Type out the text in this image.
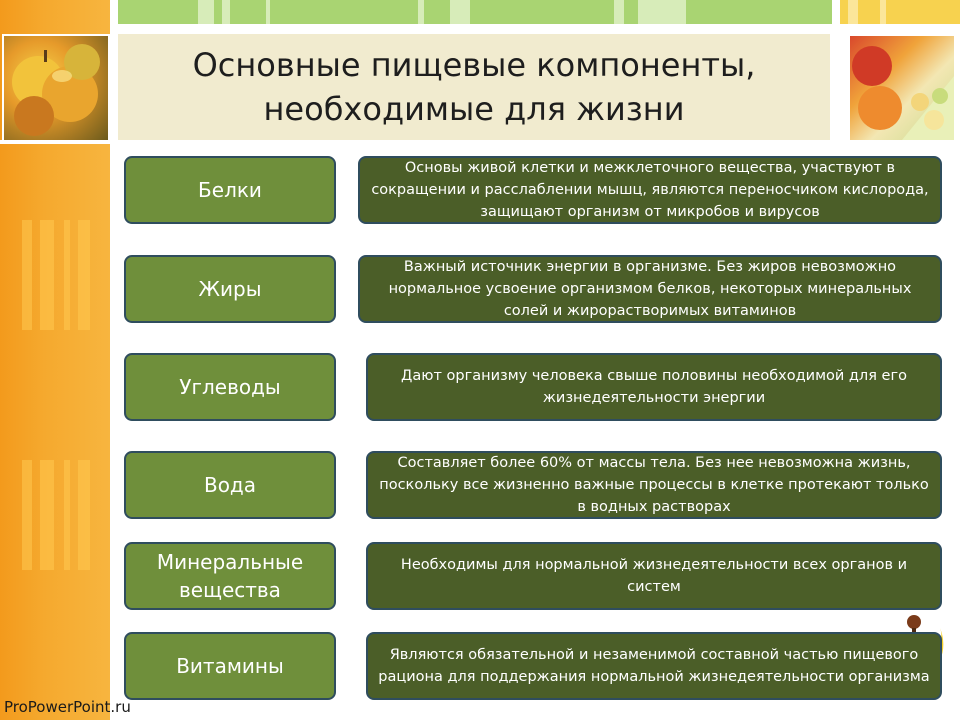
Основные пищевые компоненты,
необходимые для жизни
Белки
Основы живой клетки и межклеточного вещества, участвуют в сокращении и расслаблении мышц, являются переносчиком кислорода, защищают организм от микробов и вирусов
Жиры
Важный источник энергии в организме. Без жиров невозможно нормальное усвоение организмом белков, некоторых минеральных солей и жирорастворимых витаминов
Углеводы	Дают организму человека свыше половины необходимой для его жизнедеятельности энергии
Вода
Составляет более 60% от массы тела. Без нее невозможна жизнь, поскольку все жизненно важные процессы в клетке протекают только в водных растворах
Минеральные
вещества
Необходимы для нормальной жизнедеятельности всех органов и систем
Витамины	Являются обязательной и незаменимой составной частью пищевого рациона для поддержания нормальной жизнедеятельности организма
ProPowerPoint.ru
